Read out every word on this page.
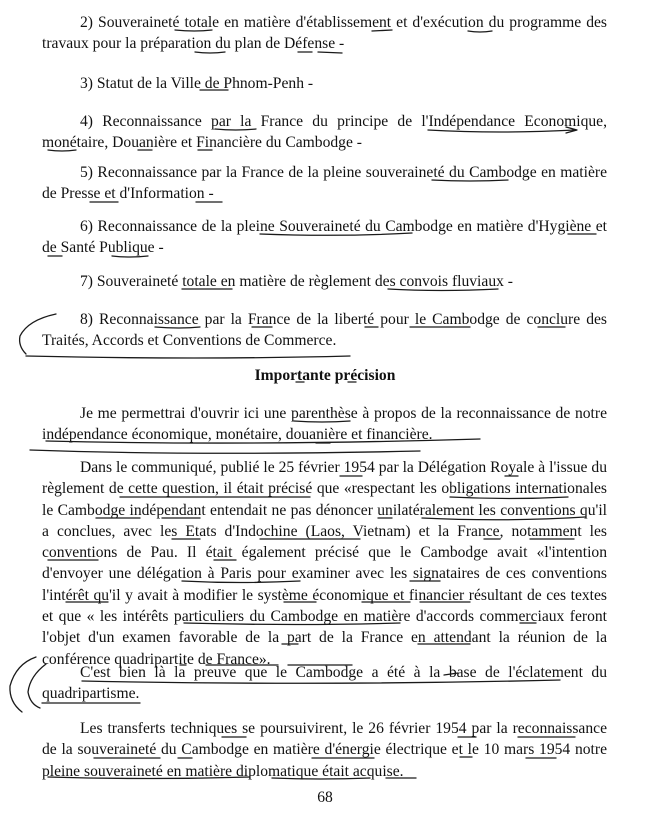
2) Souveraineté totale en matière d'établissement et d'exécution du programme des travaux pour la préparation du plan de Défense -

3) Statut de la Ville de Phnom-Penh -

4) Reconnaissance par la France du principe de l'Indépendance Economique, monétaire, Douanière et Financière du Cambodge -

5) Reconnaissance par la France de la pleine souveraineté du Cambodge en matière de Presse et d'Information -

6) Reconnaissance de la pleine Souveraineté du Cambodge en matière d'Hygiène et de Santé Publique -

7) Souveraineté totale en matière de règlement des convois fluviaux -

8) Reconnaissance par la France de la liberté pour le Cambodge de conclure des Traités, Accords et Conventions de Commerce.

Importante précision

Je me permettrai d'ouvrir ici une parenthèse à propos de la reconnaissance de notre indépendance économique, monétaire, douanière et financière.

Dans le communiqué, publié le 25 février 1954 par la Délégation Royale à l'issue du règlement de cette question, il était précisé que «respectant les obligations internationales le Cambodge indépendant entendait ne pas dénoncer unilatéralement les conventions qu'il a conclues, avec les Etats d'Indochine (Laos, Vietnam) et la France, notamment les conventions de Pau. Il était également précisé que le Cambodge avait «l'intention d'envoyer une délégation à Paris pour examiner avec les signataires de ces conventions l'intérêt qu'il y avait à modifier le système économique et financier résultant de ces textes et que « les intérêts particuliers du Cambodge en matière d'accords commerciaux feront l'objet d'un examen favorable de la part de la France en attendant la réunion de la conférence quadripartite de France».

C'est bien là la preuve que le Cambodge a été à la base de l'éclatement du quadripartisme.

Les transferts techniques se poursuivirent, le 26 février 1954 par la reconnaissance de la souveraineté du Cambodge en matière d'énergie électrique et le 10 mars 1954 notre pleine souveraineté en matière diplomatique était acquise.

68
